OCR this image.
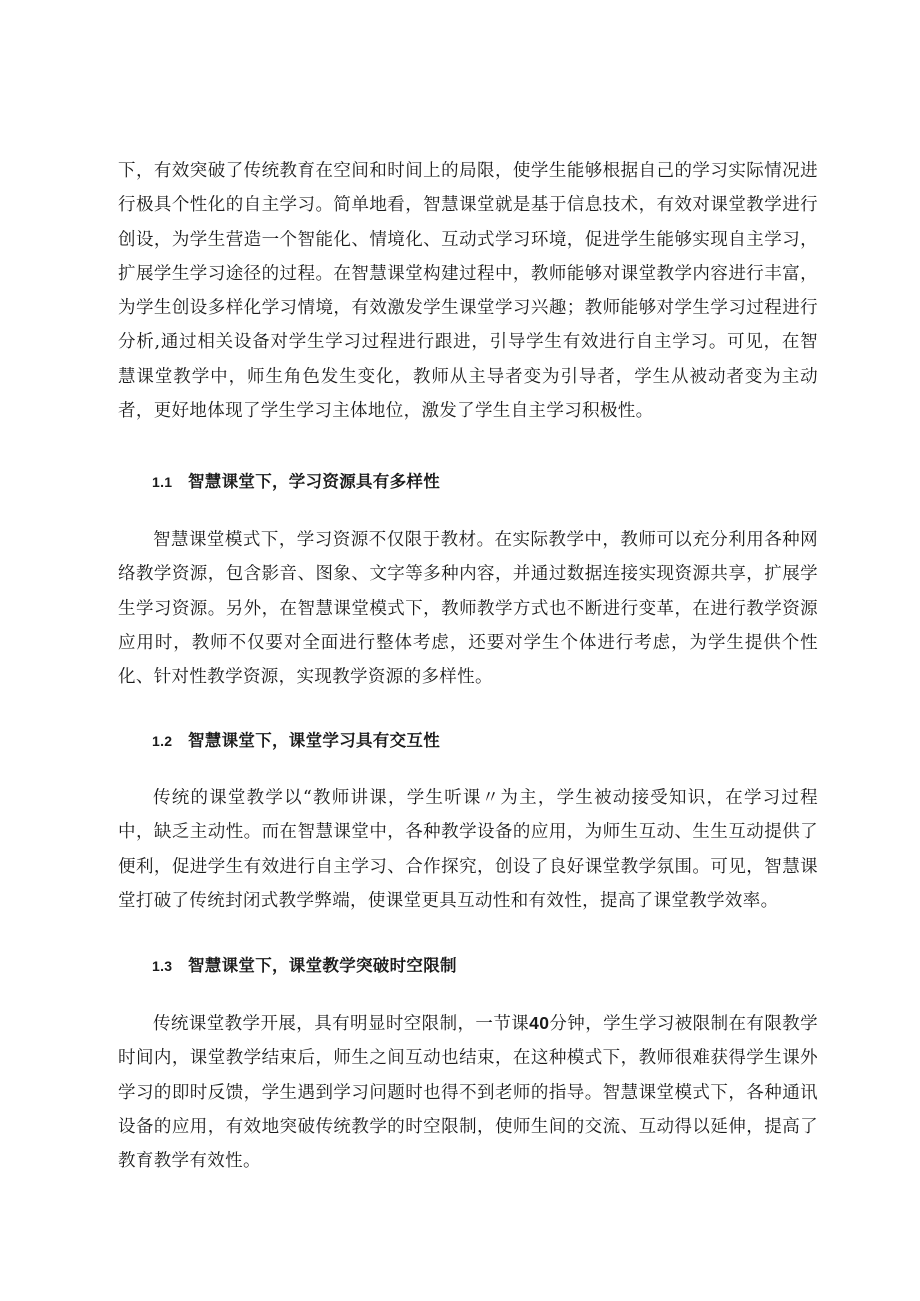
下，有效突破了传统教育在空间和时间上的局限，使学生能够根据自己的学习实际情况进行极具个性化的自主学习。简单地看，智慧课堂就是基于信息技术，有效对课堂教学进行创设，为学生营造一个智能化、情境化、互动式学习环境，促进学生能够实现自主学习，扩展学生学习途径的过程。在智慧课堂构建过程中，教师能够对课堂教学内容进行丰富，为学生创设多样化学习情境，有效激发学生课堂学习兴趣；教师能够对学生学习过程进行分析,通过相关设备对学生学习过程进行跟进，引导学生有效进行自主学习。可见，在智慧课堂教学中，师生角色发生变化，教师从主导者变为引导者，学生从被动者变为主动者，更好地体现了学生学习主体地位，激发了学生自主学习积极性。

1.1 智慧课堂下，学习资源具有多样性

智慧课堂模式下，学习资源不仅限于教材。在实际教学中，教师可以充分利用各种网络教学资源，包含影音、图象、文字等多种内容，并通过数据连接实现资源共享，扩展学生学习资源。另外，在智慧课堂模式下，教师教学方式也不断进行变革，在进行教学资源应用时，教师不仅要对全面进行整体考虑，还要对学生个体进行考虑，为学生提供个性化、针对性教学资源，实现教学资源的多样性。

1.2 智慧课堂下，课堂学习具有交互性

传统的课堂教学以“教师讲课，学生听课〃为主，学生被动接受知识，在学习过程中，缺乏主动性。而在智慧课堂中，各种教学设备的应用，为师生互动、生生互动提供了便利，促进学生有效进行自主学习、合作探究，创设了良好课堂教学氛围。可见，智慧课堂打破了传统封闭式教学弊端，使课堂更具互动性和有效性，提高了课堂教学效率。

1.3 智慧课堂下，课堂教学突破时空限制

传统课堂教学开展，具有明显时空限制，一节课40分钟，学生学习被限制在有限教学时间内，课堂教学结束后，师生之间互动也结束，在这种模式下，教师很难获得学生课外学习的即时反馈，学生遇到学习问题时也得不到老师的指导。智慧课堂模式下，各种通讯设备的应用，有效地突破传统教学的时空限制，使师生间的交流、互动得以延伸，提高了教育教学有效性。
